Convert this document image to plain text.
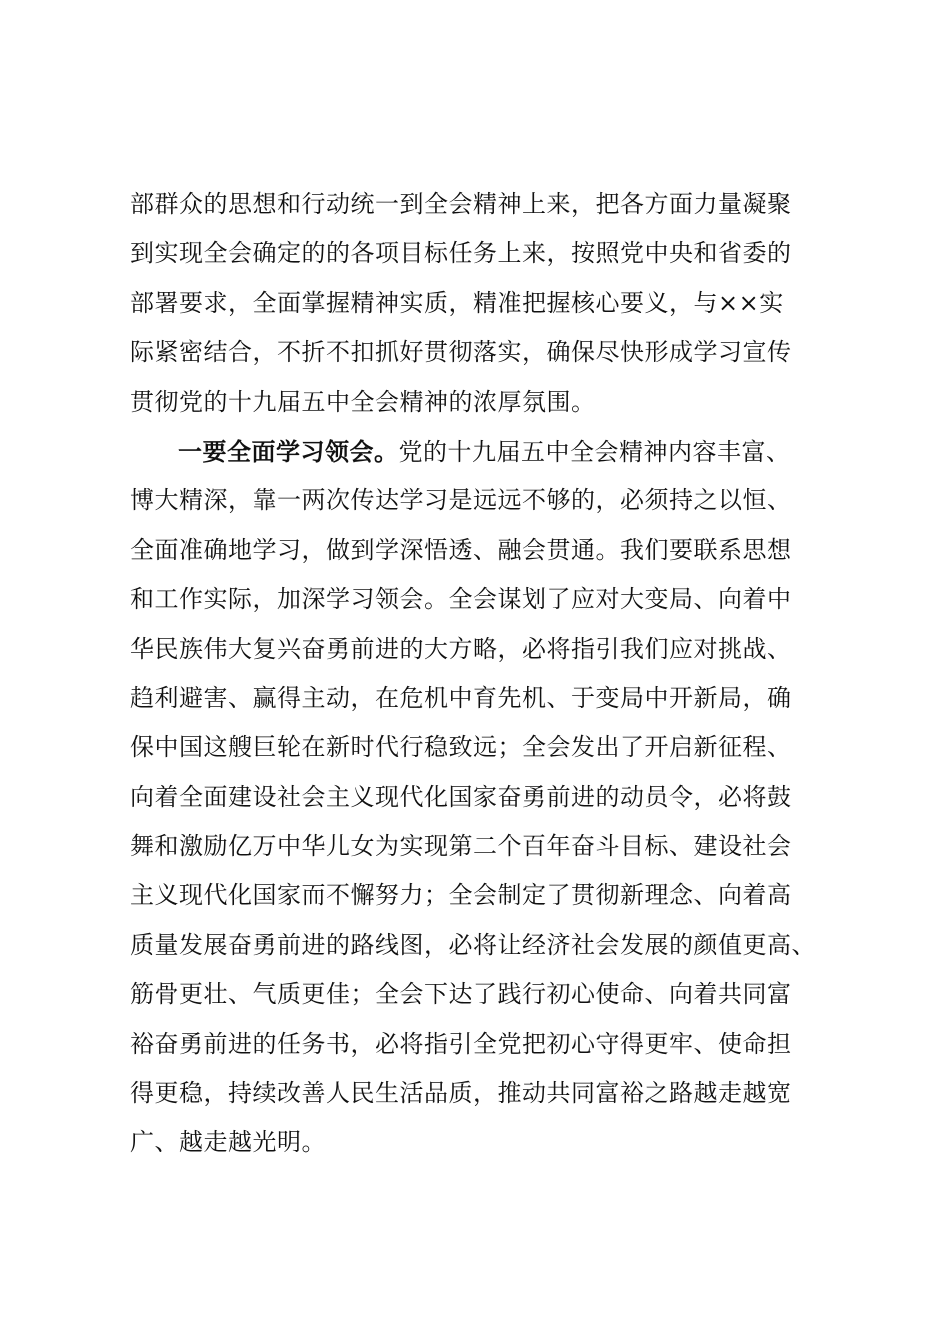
部群众的思想和行动统一到全会精神上来，把各方面力量凝聚
到实现全会确定的的各项目标任务上来，按照党中央和省委的
部署要求，全面掌握精神实质，精准把握核心要义，与××实
际紧密结合，不折不扣抓好贯彻落实，确保尽快形成学习宣传
贯彻党的十九届五中全会精神的浓厚氛围。
一要全面学习领会。党的十九届五中全会精神内容丰富、
博大精深，靠一两次传达学习是远远不够的，必须持之以恒、
全面准确地学习，做到学深悟透、融会贯通。我们要联系思想
和工作实际，加深学习领会。全会谋划了应对大变局、向着中
华民族伟大复兴奋勇前进的大方略，必将指引我们应对挑战、
趋利避害、赢得主动，在危机中育先机、于变局中开新局，确
保中国这艘巨轮在新时代行稳致远；全会发出了开启新征程、
向着全面建设社会主义现代化国家奋勇前进的动员令，必将鼓
舞和激励亿万中华儿女为实现第二个百年奋斗目标、建设社会
主义现代化国家而不懈努力；全会制定了贯彻新理念、向着高
质量发展奋勇前进的路线图，必将让经济社会发展的颜值更高、
筋骨更壮、气质更佳；全会下达了践行初心使命、向着共同富
裕奋勇前进的任务书，必将指引全党把初心守得更牢、使命担
得更稳，持续改善人民生活品质，推动共同富裕之路越走越宽
广、越走越光明。
